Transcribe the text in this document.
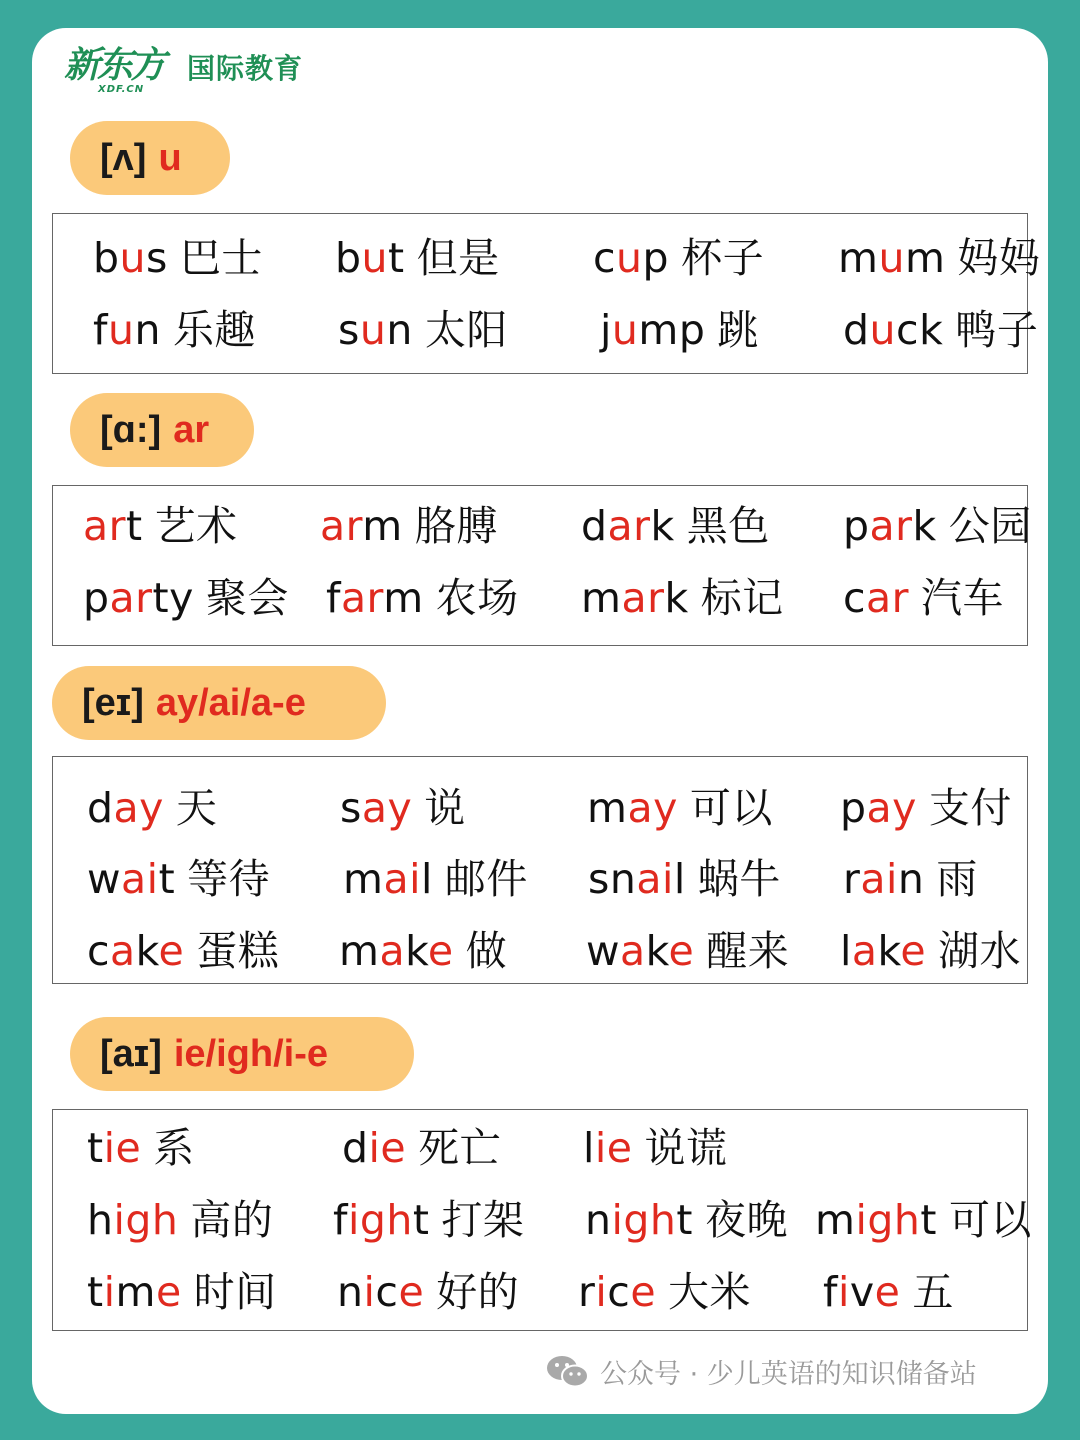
新东方
XDF.CN
国际教育
[ʌ] u
bus 巴士 but 但是 cup 杯子 mum 妈妈
fun 乐趣 sun 太阳 jump 跳 duck 鸭子
[ɑ:] ar
art 艺术 arm 胳膊 dark 黑色 park 公园
party 聚会 farm 农场 mark 标记 car 汽车
[eɪ] ay/ai/a-e
day 天	say 说	may 可以 pay 支付
wait 等待 mail 邮件 snail 蜗牛 rain 雨
cake 蛋糕 make 做 wake 醒来 lake 湖水
[aɪ] ie/igh/i-e
tie 系	die 死亡 lie 说谎
high 高的 fight 打架 night 夜晚 might 可以
time 时间 nice 好的 rice 大米 five 五
公众号 · 少儿英语的知识储备站
